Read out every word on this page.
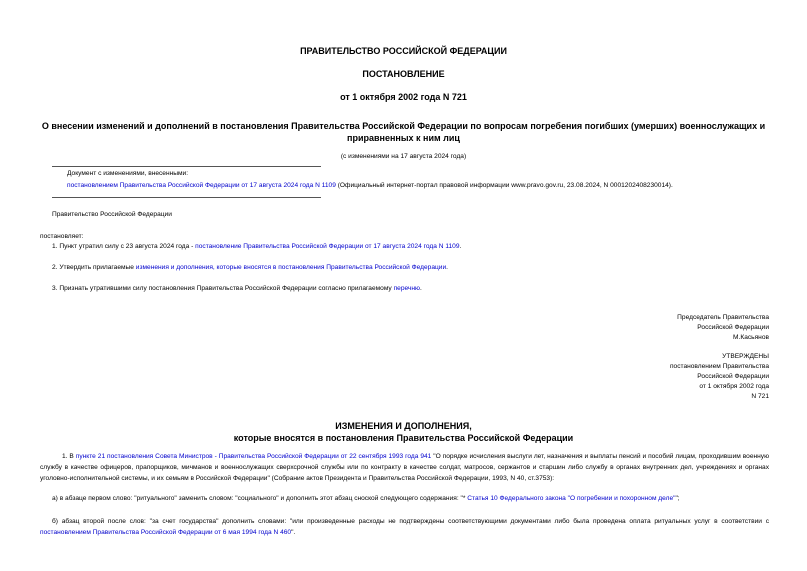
ПРАВИТЕЛЬСТВО РОССИЙСКОЙ ФЕДЕРАЦИИ
ПОСТАНОВЛЕНИЕ
от 1 октября 2002 года N 721
О внесении изменений и дополнений в постановления Правительства Российской Федерации по вопросам погребения погибших (умерших) военнослужащих и
приравненных к ним лиц
(с изменениями на 17 августа 2024 года)
Документ с изменениями, внесенными:
постановлением Правительства Российской Федерации от 17 августа 2024 года N 1109 (Официальный интернет-портал правовой информации www.pravo.gov.ru, 23.08.2024, N 0001202408230014).
Правительство Российской Федерации
постановляет:
1. Пункт утратил силу с 23 августа 2024 года - постановление Правительства Российской Федерации от 17 августа 2024 года N 1109.
2. Утвердить прилагаемые изменения и дополнения, которые вносятся в постановления Правительства Российской Федерации.
3. Признать утратившими силу постановления Правительства Российской Федерации согласно прилагаемому перечню.
Председатель Правительства
Российской Федерации
М.Касьянов
УТВЕРЖДЕНЫ
постановлением Правительства
Российской Федерации
от 1 октября 2002 года
N 721
ИЗМЕНЕНИЯ И ДОПОЛНЕНИЯ,
которые вносятся в постановления Правительства Российской Федерации
1. В пункте 21 постановления Совета Министров - Правительства Российской Федерации от 22 сентября 1993 года 941 "О порядке исчисления выслуги лет, назначения и выплаты пенсий и пособий лицам, проходившим военную службу в качестве офицеров, прапорщиков, мичманов и военнослужащих сверхсрочной службы или по контракту в качестве солдат, матросов, сержантов и старшин либо службу в органах внутренних дел, учреждениях и органах уголовно-исполнительной системы, и их семьям в Российской Федерации" (Собрание актов Президента и Правительства Российской Федерации, 1993, N 40, ст.3753):
а) в абзаце первом слово: "ритуального" заменить словом: "социального" и дополнить этот абзац сноской следующего содержания: "* Статья 10 Федерального закона "О погребении и похоронном деле"";
б) абзац второй после слов: "за счет государства" дополнить словами: "или произведенные расходы не подтверждены соответствующими документами либо была проведена оплата ритуальных услуг в соответствии с постановлением Правительства Российской Федерации от 6 мая 1994 года N 460".
